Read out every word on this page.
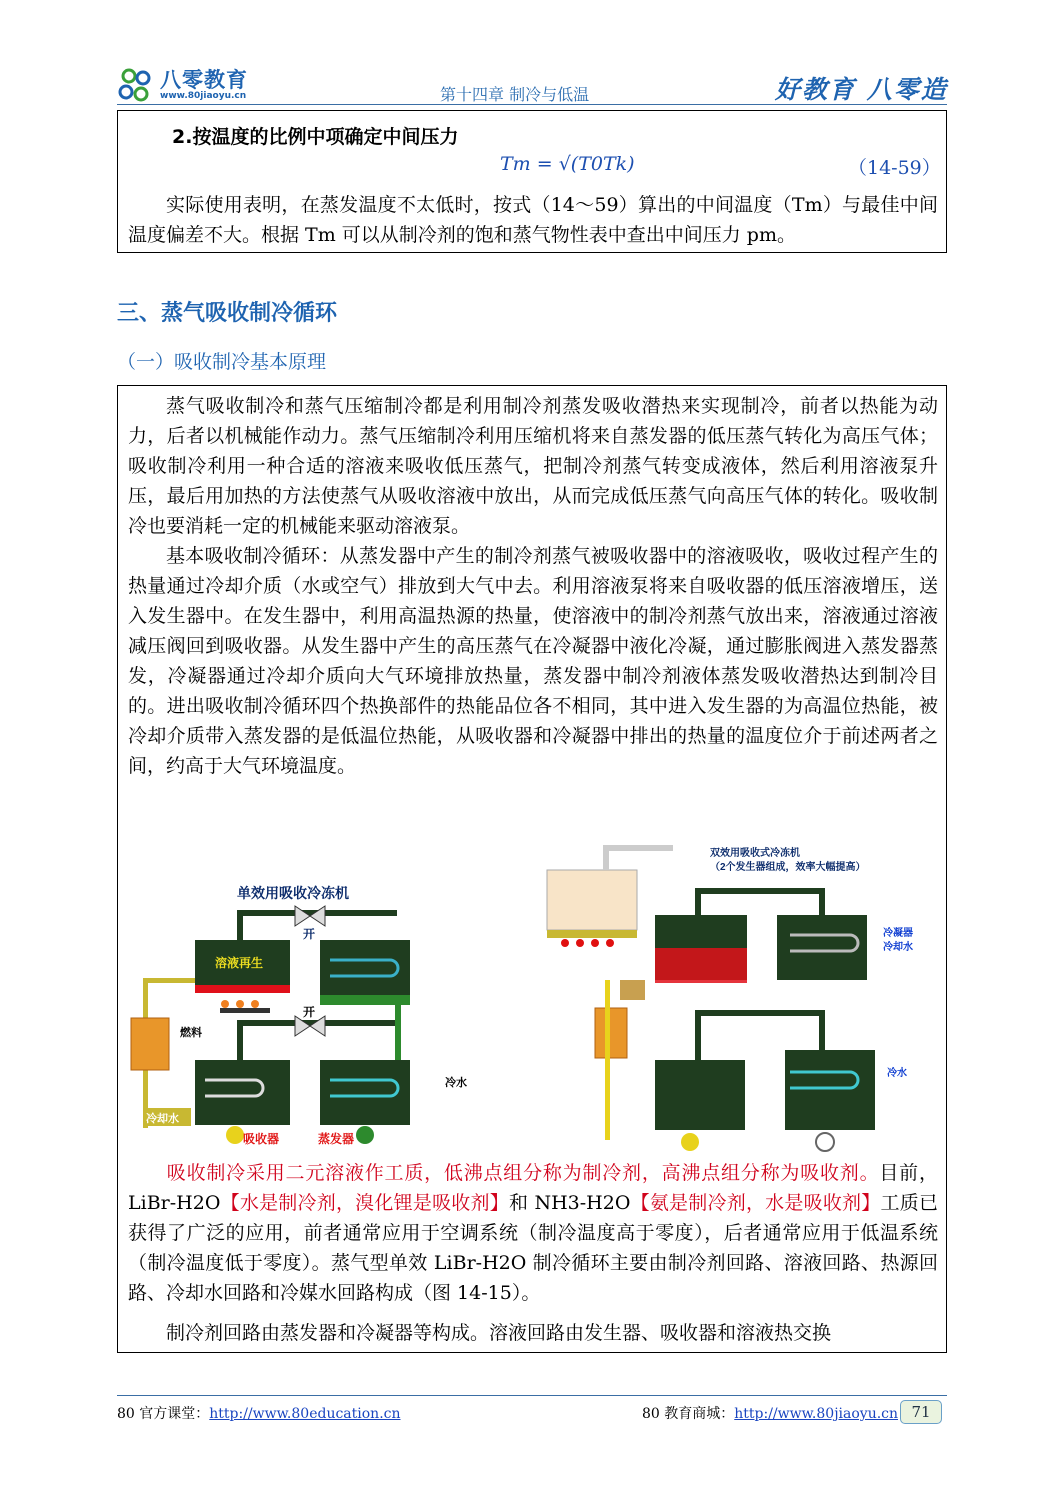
八零教育
www.80jiaoyu.cn	第十四章 制冷与低温	好教育 八零造
2.按温度的比例中项确定中间压力
Tm = √(T0Tk)	（14-59）
实际使用表明，在蒸发温度不太低时，按式（14～59）算出的中间温度（Tm）与最佳中间温度偏差不大。根据 Tm 可以从制冷剂的饱和蒸气物性表中查出中间压力 pm。
三、蒸气吸收制冷循环
（一）吸收制冷基本原理
蒸气吸收制冷和蒸气压缩制冷都是利用制冷剂蒸发吸收潜热来实现制冷，前者以热能为动力，后者以机械能作动力。蒸气压缩制冷利用压缩机将来自蒸发器的低压蒸气转化为高压气体；吸收制冷利用一种合适的溶液来吸收低压蒸气，把制冷剂蒸气转变成液体，然后利用溶液泵升压，最后用加热的方法使蒸气从吸收溶液中放出，从而完成低压蒸气向高压气体的转化。吸收制冷也要消耗一定的机械能来驱动溶液泵。
基本吸收制冷循环：从蒸发器中产生的制冷剂蒸气被吸收器中的溶液吸收，吸收过程产生的热量通过冷却介质（水或空气）排放到大气中去。利用溶液泵将来自吸收器的低压溶液增压，送入发生器中。在发生器中，利用高温热源的热量，使溶液中的制冷剂蒸气放出来，溶液通过溶液减压阀回到吸收器。从发生器中产生的高压蒸气在冷凝器中液化冷凝，通过膨胀阀进入蒸发器蒸发，冷凝器通过冷却介质向大气环境排放热量，蒸发器中制冷剂液体蒸发吸收潜热达到制冷目的。进出吸收制冷循环四个热换部件的热能品位各不相同，其中进入发生器的为高温位热能，被冷却介质带入蒸发器的是低温位热能，从吸收器和冷凝器中排出的热量的温度位介于前述两者之间，约高于大气环境温度。
单效用吸收冷冻机
开
开
溶液再生
燃料
冷却水
冷水
吸收器	蒸发器
双效用吸收式冷冻机
（2个发生器组成，效率大幅提高）
冷凝器
冷却水
冷水
吸收制冷采用二元溶液作工质，低沸点组分称为制冷剂，高沸点组分称为吸收剂。目前，LiBr-H2O【水是制冷剂，溴化锂是吸收剂】和 NH3-H2O【氨是制冷剂，水是吸收剂】工质已获得了广泛的应用，前者通常应用于空调系统（制冷温度高于零度），后者通常应用于低温系统（制冷温度低于零度）。蒸气型单效 LiBr-H2O 制冷循环主要由制冷剂回路、溶液回路、热源回路、冷却水回路和冷媒水回路构成（图 14-15）。
制冷剂回路由蒸发器和冷凝器等构成。溶液回路由发生器、吸收器和溶液热交换
80 官方课堂：http://www.80education.cn	80 教育商城：http://www.80jiaoyu.cn 71
